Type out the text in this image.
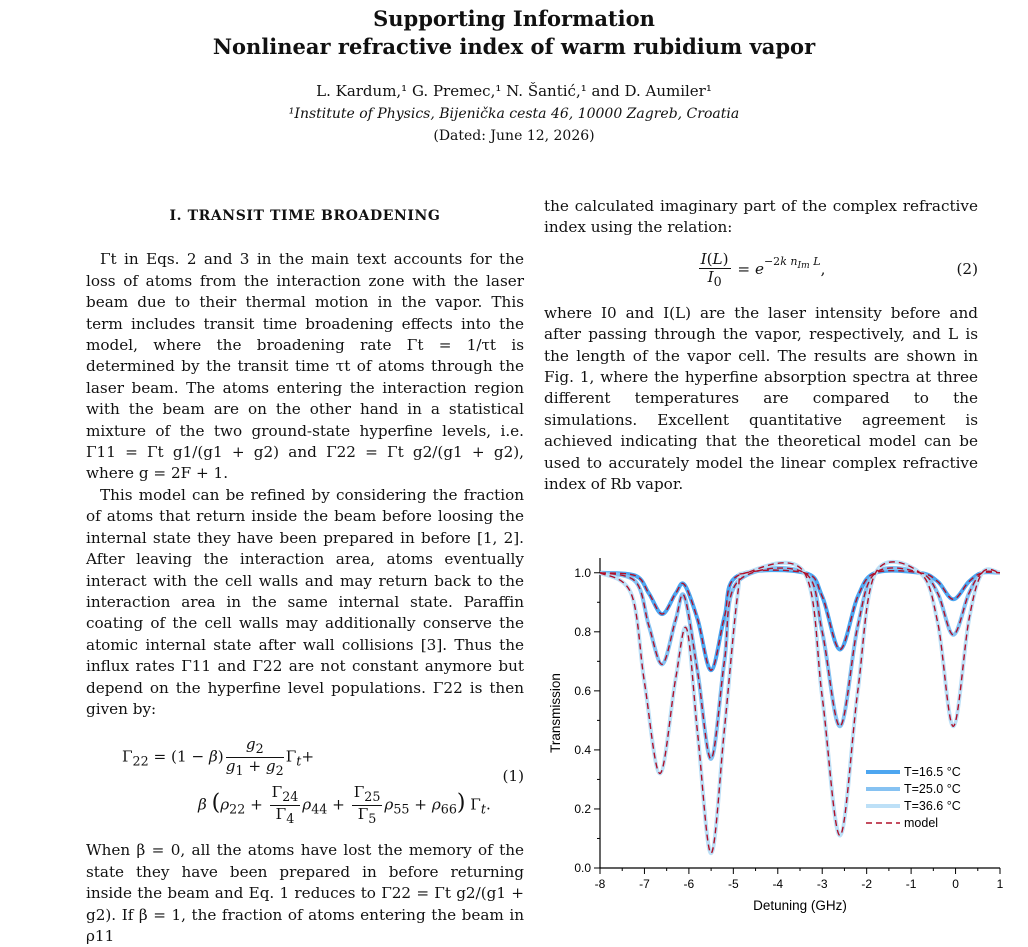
Supporting Information
Nonlinear refractive index of warm rubidium vapor
L. Kardum,¹ G. Premec,¹ N. Šantić,¹ and D. Aumiler¹
¹Institute of Physics, Bijenička cesta 46, 10000 Zagreb, Croatia
(Dated: June 12, 2026)
I. TRANSIT TIME BROADENING

Γt in Eqs. 2 and 3 in the main text accounts for the loss of atoms from the interaction zone with the laser beam due to their thermal motion in the vapor. This term includes transit time broadening effects into the model, where the broadening rate Γt = 1/τt is determined by the transit time τt of atoms through the laser beam. The atoms entering the interaction region with the beam are on the other hand in a statistical mixture of the two ground-state hyperfine levels, i.e. Γ11 = Γt g1/(g1 + g2) and Γ22 = Γt g2/(g1 + g2), where g = 2F + 1.

This model can be refined by considering the fraction of atoms that return inside the beam before loosing the internal state they have been prepared in before [1, 2]. After leaving the interaction area, atoms eventually interact with the cell walls and may return back to the interaction area in the same internal state. Paraffin coating of the cell walls may additionally conserve the atomic internal state after wall collisions [3]. Thus the influx rates Γ11 and Γ22 are not constant anymore but depend on the hyperfine level populations. Γ22 is then given by:

$\Gamma_{22} = (1 - \beta) \frac{g_2}{g_1 + g_2} \Gamma_t+$
β $(\rho_{22} + \frac{\Gamma_{24}}{\Gamma_4} \rho_{44} + \frac{\Gamma_{25}}{\Gamma_5} \rho_{55} + \rho_{66})$ $\Gamma_t$.
(1)

When β = 0, all the atoms have lost the memory of the state they have been prepared in before returning inside the beam and Eq. 1 reduces to Γ22 = Γt g2/(g1 + g2). If β = 1, the fraction of atoms entering the beam in ρ11

the calculated imaginary part of the complex refractive index using the relation:

$\frac{I(L)}{I_0} = e^{-2k n_{Im} L}$,	(2)

where I0 and I(L) are the laser intensity before and after passing through the vapor, respectively, and L is the length of the vapor cell. The results are shown in Fig. 1, where the hyperfine absorption spectra at three different temperatures are compared to the simulations. Excellent quantitative agreement is achieved indicating that the theoretical model can be used to accurately model the linear complex refractive index of Rb vapor.

-8	-7	-6	-5	-4	-3	-2	-1	0	1
0.0
0.2
0.4
0.6
0.8
1.0
Detuning (GHz)
Transmission
T=16.5 °C
T=25.0 °C
T=36.6 °C
model
